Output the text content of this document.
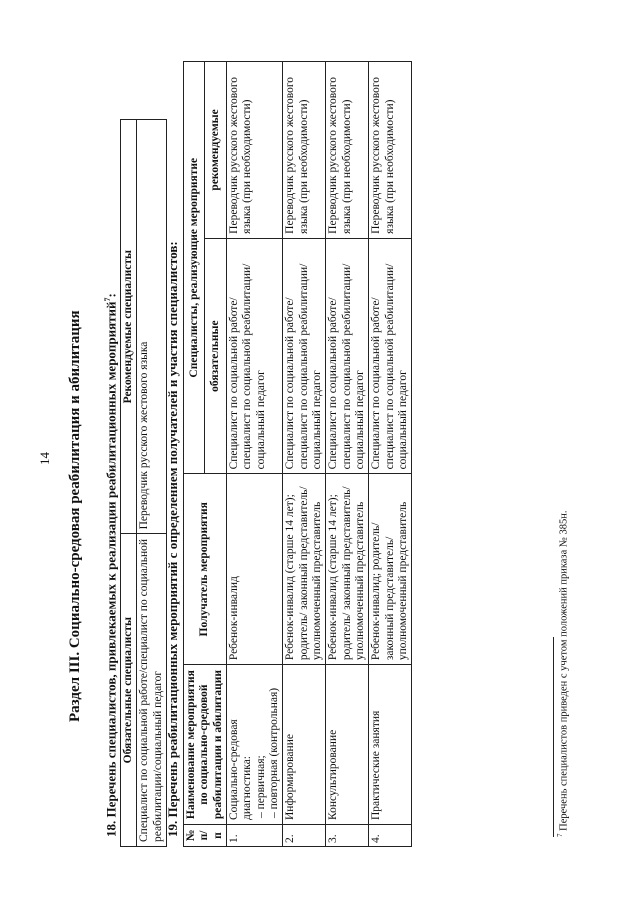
14 Раздел III. Социально-средовая реабилитация и абилитация 18. Перечень специалистов, привлекаемых к реализации реабилитационных мероприятий$^7$:
Обязательные специалисты	Рекомендуемые специалисты
Специалист по социальной работе/специалист по социальной реабилитации/социальный педагог	Переводчик русского жестового языка 19. Перечень реабилитационных мероприятий с определением получателей и участия специалистов: № п/п	Наименование мероприятия по социально-средовой реабилитации и абилитации	Получатель мероприятия	Специалисты, реализующие мероприятие	
			обязательные	рекомендуемые
1.	Социально-средовая диагностика: – первичная; – повторная (контрольная)	Ребенок-инвалид	Специалист по социальной работе/специалист по социальной реабилитации/социальный педагог	Переводчик русского жестового языка (при необходимости)
2.	Информирование	Ребенок-инвалид (старше 14 лет); родитель/ законный представитель/ уполномоченный представитель	Специалист по социальной работе/специалист по социальной реабилитации/социальный педагог	Переводчик русского жестового языка (при необходимости)
3.	Консультирование	Ребенок-инвалид (старше 14 лет); родитель/ законный представитель/ уполномоченный представитель	Специалист по социальной работе/специалист по социальной реабилитации/социальный педагог	Переводчик русского жестового языка (при необходимости)
4.	Практические занятия	Ребенок-инвалид; родитель/ законный представитель/ уполномоченный представитель	Специалист по социальной работе/специалист по социальной реабилитации/социальный педагог	Переводчик русского жестового языка (при необходимости)
$^7$ Перечень специалистов приведен с учетом положений приказа № 385н.
